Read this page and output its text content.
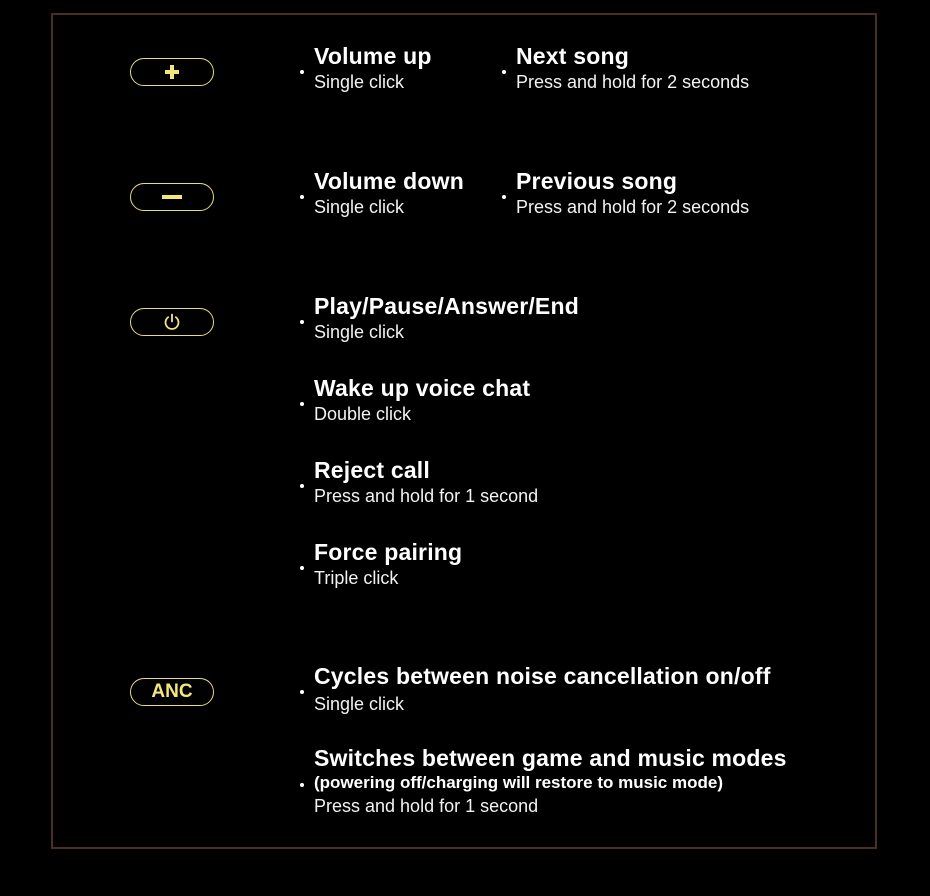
Volume up
Single click
Next song
Press and hold for 2 seconds
Volume down
Single click
Previous song
Press and hold for 2 seconds
Play/Pause/Answer/End
Single click
Wake up voice chat
Double click
Reject call
Press and hold for 1 second
Force pairing
Triple click
ANC
Cycles between noise cancellation on/off
Single click
Switches between game and music modes
(powering off/charging will restore to music mode)
Press and hold for 1 second
